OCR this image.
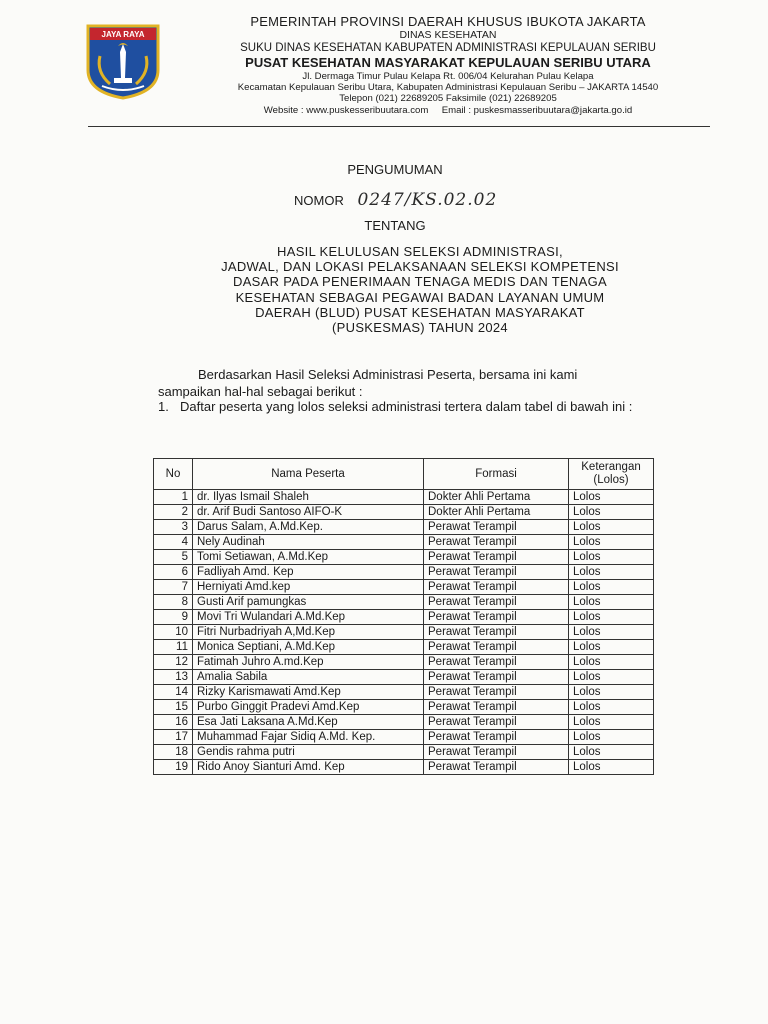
JAYA RAYA
PEMERINTAH PROVINSI DAERAH KHUSUS IBUKOTA JAKARTA
DINAS KESEHATAN
SUKU DINAS KESEHATAN KABUPATEN ADMINISTRASI KEPULAUAN SERIBU
PUSAT KESEHATAN MASYARAKAT KEPULAUAN SERIBU UTARA
Jl. Dermaga Timur Pulau Kelapa Rt. 006/04 Kelurahan Pulau Kelapa
Kecamatan Kepulauan Seribu Utara, Kabupaten Administrasi Kepulauan Seribu – JAKARTA 14540
Telepon (021) 22689205 Faksimile (021) 22689205
Website : www.puskesseribuutara.com     Email : puskesmasseribuutara@jakarta.go.id
PENGUMUMAN
NOMOR 0247/KS.02.02
TENTANG
HASIL KELULUSAN SELEKSI ADMINISTRASI,
JADWAL, DAN LOKASI PELAKSANAAN SELEKSI KOMPETENSI
DASAR PADA PENERIMAAN TENAGA MEDIS DAN TENAGA
KESEHATAN SEBAGAI PEGAWAI BADAN LAYANAN UMUM
DAERAH (BLUD) PUSAT KESEHATAN MASYARAKAT
(PUSKESMAS) TAHUN 2024
Berdasarkan Hasil Seleksi Administrasi Peserta, bersama ini kami
sampaikan hal-hal sebagai berikut :
1. Daftar peserta yang lolos seleksi administrasi tertera dalam tabel di bawah ini :
No	Nama Peserta	Formasi	Keterangan
(Lolos)
1	dr. Ilyas Ismail Shaleh	Dokter Ahli Pertama	Lolos
2	dr. Arif Budi Santoso AIFO-K	Dokter Ahli Pertama	Lolos
3	Darus Salam, A.Md.Kep.	Perawat Terampil	Lolos
4	Nely Audinah	Perawat Terampil	Lolos
5	Tomi Setiawan, A.Md.Kep	Perawat Terampil	Lolos
6	Fadliyah Amd. Kep	Perawat Terampil	Lolos
7	Herniyati Amd.kep	Perawat Terampil	Lolos
8	Gusti Arif pamungkas	Perawat Terampil	Lolos
9	Movi Tri Wulandari A.Md.Kep	Perawat Terampil	Lolos
10	Fitri Nurbadriyah A,Md.Kep	Perawat Terampil	Lolos
11	Monica Septiani, A.Md.Kep	Perawat Terampil	Lolos
12	Fatimah Juhro A.md.Kep	Perawat Terampil	Lolos
13	Amalia Sabila	Perawat Terampil	Lolos
14	Rizky Karismawati Amd.Kep	Perawat Terampil	Lolos
15	Purbo Ginggit Pradevi Amd.Kep	Perawat Terampil	Lolos
16	Esa Jati Laksana A.Md.Kep	Perawat Terampil	Lolos
17	Muhammad Fajar Sidiq A.Md. Kep.	Perawat Terampil	Lolos
18	Gendis rahma putri	Perawat Terampil	Lolos
19	Rido Anoy Sianturi Amd. Kep	Perawat Terampil	Lolos
